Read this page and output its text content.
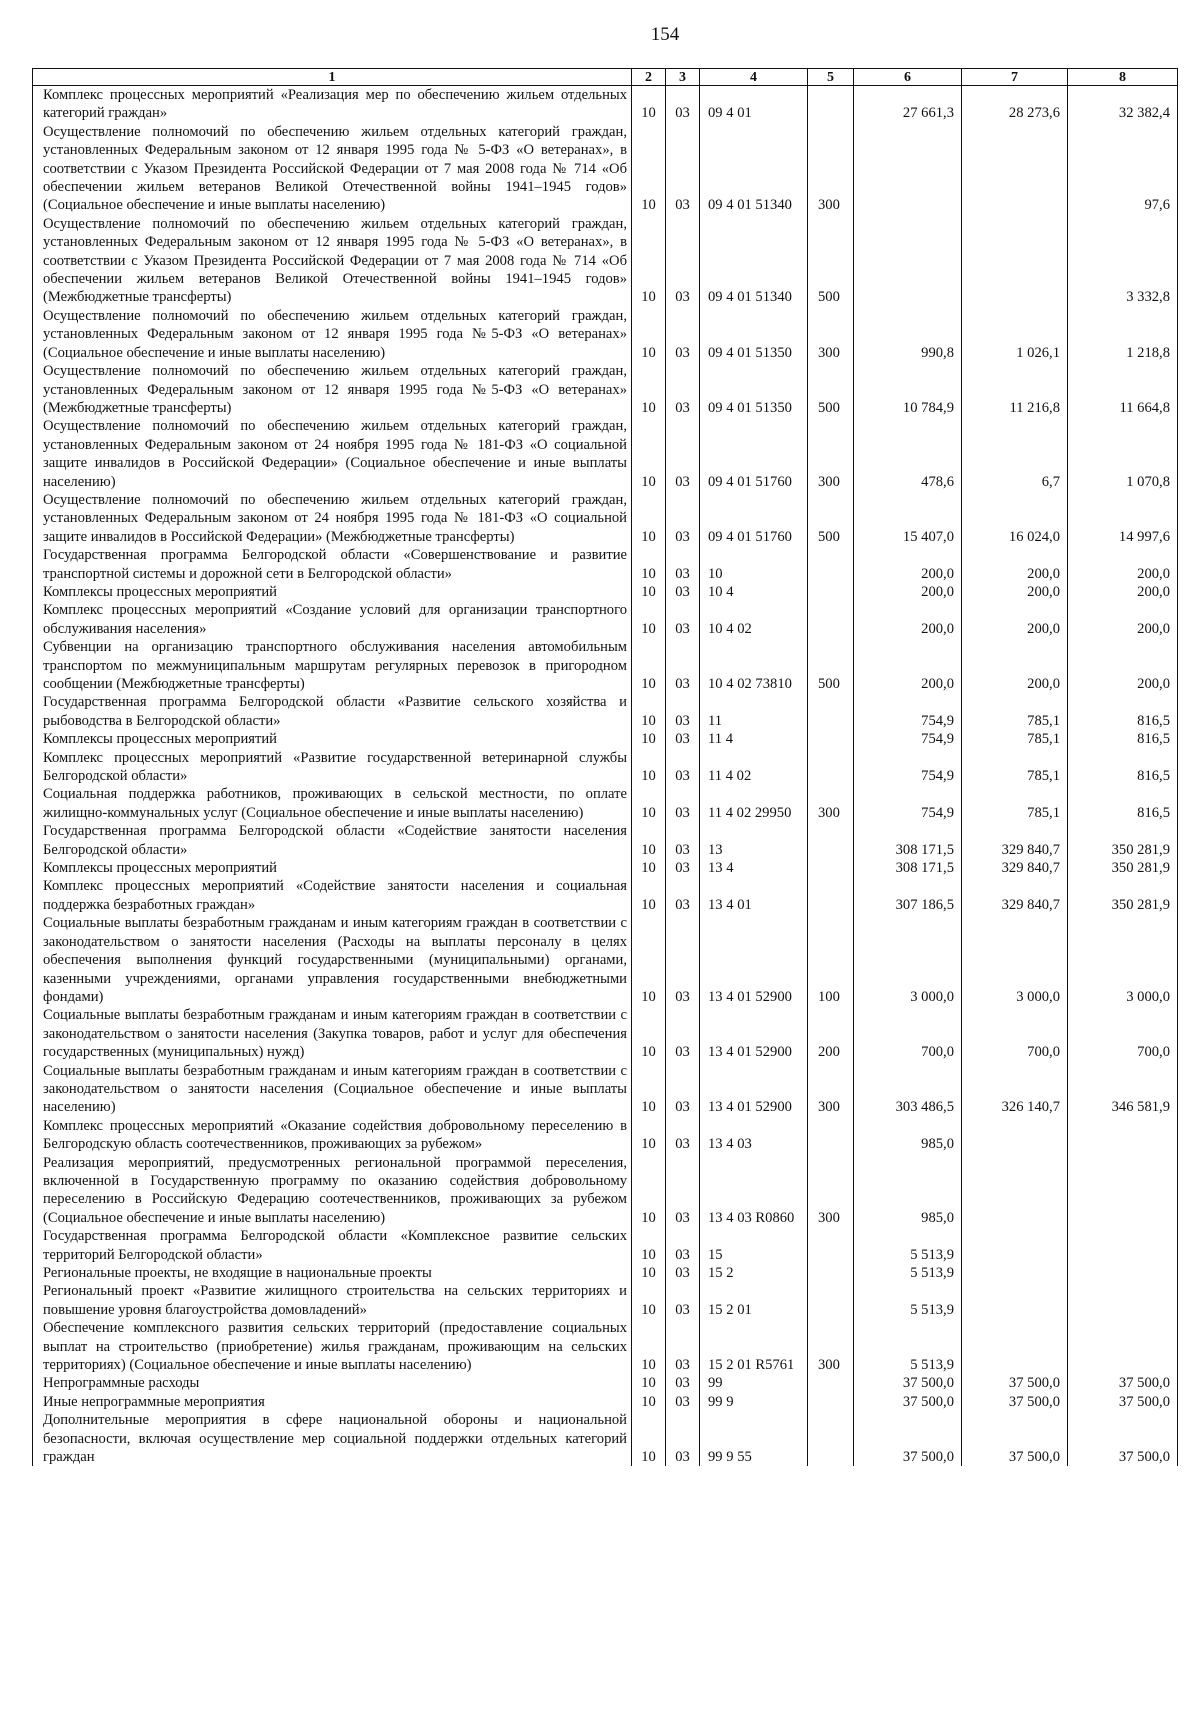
154
1	2	3	4	5	6	7	8
Комплекс процессных мероприятий «Реализация мер по обеспечению жильем отдельных категорий граждан»	10	03	09 4 01		27 661,3	28 273,6	32 382,4
Осуществление полномочий по обеспечению жильем отдельных категорий граждан, установленных Федеральным законом от 12 января 1995 года № 5-ФЗ «О ветеранах», в соответствии с Указом Президента Российской Федерации от 7 мая 2008 года № 714 «Об обеспечении жильем ветеранов Великой Отечественной войны 1941–1945 годов» (Социальное обеспечение и иные выплаты населению)	10	03	09 4 01 51340	300			97,6
Осуществление полномочий по обеспечению жильем отдельных категорий граждан, установленных Федеральным законом от 12 января 1995 года № 5-ФЗ «О ветеранах», в соответствии с Указом Президента Российской Федерации от 7 мая 2008 года № 714 «Об обеспечении жильем ветеранов Великой Отечественной войны 1941–1945 годов» (Межбюджетные трансферты)	10	03	09 4 01 51340	500			3 332,8
Осуществление полномочий по обеспечению жильем отдельных категорий граждан, установленных Федеральным законом от 12 января 1995 года №5-ФЗ «О ветеранах» (Социальное обеспечение и иные выплаты населению)	10	03	09 4 01 51350	300	990,8	1 026,1	1 218,8
Осуществление полномочий по обеспечению жильем отдельных категорий граждан, установленных Федеральным законом от 12 января 1995 года №5-ФЗ «О ветеранах» (Межбюджетные трансферты)	10	03	09 4 01 51350	500	10 784,9	11 216,8	11 664,8
Осуществление полномочий по обеспечению жильем отдельных категорий граждан, установленных Федеральным законом от 24 ноября 1995 года № 181-ФЗ «О социальной защите инвалидов в Российской Федерации» (Социальное обеспечение и иные выплаты населению)	10	03	09 4 01 51760	300	478,6	6,7	1 070,8
Осуществление полномочий по обеспечению жильем отдельных категорий граждан, установленных Федеральным законом от 24 ноября 1995 года № 181-ФЗ «О социальной защите инвалидов в Российской Федерации» (Межбюджетные трансферты)	10	03	09 4 01 51760	500	15 407,0	16 024,0	14 997,6
Государственная программа Белгородской области «Совершенствование и развитие транспортной системы и дорожной сети в Белгородской области»	10	03	10		200,0	200,0	200,0
Комплексы процессных мероприятий	10	03	10 4		200,0	200,0	200,0
Комплекс процессных мероприятий «Создание условий для организации транспортного обслуживания населения»	10	03	10 4 02		200,0	200,0	200,0
Субвенции на организацию транспортного обслуживания населения автомобильным транспортом по межмуниципальным маршрутам регулярных перевозок в пригородном сообщении (Межбюджетные трансферты)	10	03	10 4 02 73810	500	200,0	200,0	200,0
Государственная программа Белгородской области «Развитие сельского хозяйства и рыбоводства в Белгородской области»	10	03	11		754,9	785,1	816,5
Комплексы процессных мероприятий	10	03	11 4		754,9	785,1	816,5
Комплекс процессных мероприятий «Развитие государственной ветеринарной службы Белгородской области»	10	03	11 4 02		754,9	785,1	816,5
Социальная поддержка работников, проживающих в сельской местности, по оплате жилищно-коммунальных услуг (Социальное обеспечение и иные выплаты населению)	10	03	11 4 02 29950	300	754,9	785,1	816,5
Государственная программа Белгородской области «Содействие занятости населения Белгородской области»	10	03	13		308 171,5	329 840,7	350 281,9
Комплексы процессных мероприятий	10	03	13 4		308 171,5	329 840,7	350 281,9
Комплекс процессных мероприятий «Содействие занятости населения и социальная поддержка безработных граждан»	10	03	13 4 01		307 186,5	329 840,7	350 281,9
Социальные выплаты безработным гражданам и иным категориям граждан в соответствии с законодательством о занятости населения (Расходы на выплаты персоналу в целях обеспечения выполнения функций государственными (муниципальными) органами, казенными учреждениями, органами управления государственными внебюджетными фондами)	10	03	13 4 01 52900	100	3 000,0	3 000,0	3 000,0
Социальные выплаты безработным гражданам и иным категориям граждан в соответствии с законодательством о занятости населения (Закупка товаров, работ и услуг для обеспечения государственных (муниципальных) нужд)	10	03	13 4 01 52900	200	700,0	700,0	700,0
Социальные выплаты безработным гражданам и иным категориям граждан в соответствии с законодательством о занятости населения (Социальное обеспечение и иные выплаты населению)	10	03	13 4 01 52900	300	303 486,5	326 140,7	346 581,9
Комплекс процессных мероприятий «Оказание содействия добровольному переселению в Белгородскую область соотечественников, проживающих за рубежом»	10	03	13 4 03		985,0		
Реализация мероприятий, предусмотренных региональной программой переселения, включенной в Государственную программу по оказанию содействия добровольному переселению в Российскую Федерацию соотечественников, проживающих за рубежом (Социальное обеспечение и иные выплаты населению)	10	03	13 4 03 R0860	300	985,0		
Государственная программа Белгородской области «Комплексное развитие сельских территорий Белгородской области»	10	03	15		5 513,9		
Региональные проекты, не входящие в национальные проекты	10	03	15 2		5 513,9		
Региональный проект «Развитие жилищного строительства на сельских территориях и повышение уровня благоустройства домовладений»	10	03	15 2 01		5 513,9		
Обеспечение комплексного развития сельских территорий (предоставление социальных выплат на строительство (приобретение) жилья гражданам, проживающим на сельских территориях) (Социальное обеспечение и иные выплаты населению)	10	03	15 2 01 R5761	300	5 513,9		
Непрограммные расходы	10	03	99		37 500,0	37 500,0	37 500,0
Иные непрограммные мероприятия	10	03	99 9		37 500,0	37 500,0	37 500,0
Дополнительные мероприятия в сфере национальной обороны и национальной безопасности, включая осуществление мер социальной поддержки отдельных категорий граждан	10	03	99 9 55		37 500,0	37 500,0	37 500,0
